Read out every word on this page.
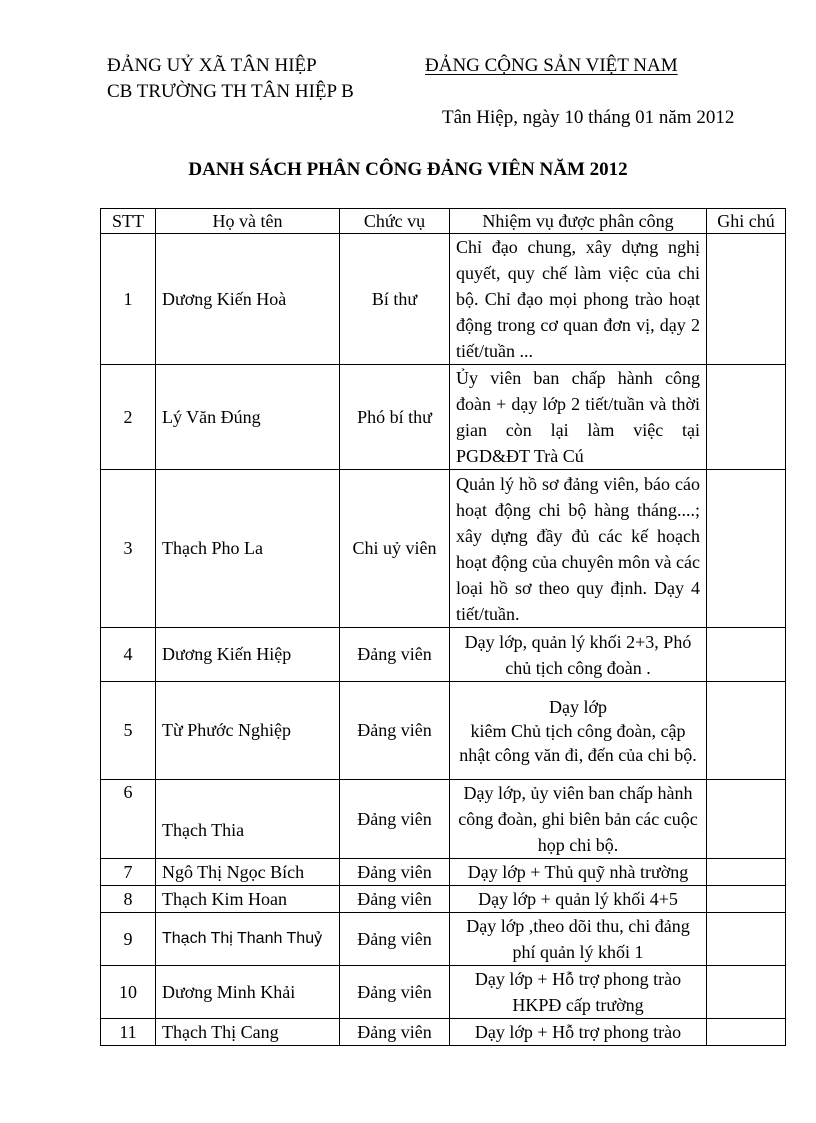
ĐẢNG UỶ XÃ TÂN HIỆP
CB TRƯỜNG TH TÂN HIỆP B
ĐẢNG CỘNG SẢN VIỆT NAM
Tân Hiệp, ngày 10 tháng 01 năm 2012
DANH SÁCH PHÂN CÔNG ĐẢNG VIÊN NĂM 2012
STT	Họ và tên	Chức vụ	Nhiệm vụ được phân công	Ghi chú
1	Dương Kiến Hoà	Bí thư	Chỉ đạo chung, xây dựng nghị quyết, quy chế làm việc của chi bộ. Chỉ đạo mọi phong trào hoạt động trong cơ quan đơn vị, dạy 2 tiết/tuần ...	
2	Lý Văn Đúng	Phó bí thư	Ủy viên ban chấp hành công đoàn + dạy lớp 2 tiết/tuần và thời gian còn lại làm việc tại PGD&ĐT Trà Cú	
3	Thạch Pho La	Chi uỷ viên	Quản lý hồ sơ đảng viên, báo cáo hoạt động chi bộ hàng tháng....; xây dựng đầy đủ các kế hoạch hoạt động của chuyên môn và các loại hồ sơ theo quy định. Dạy 4 tiết/tuần.	
4	Dương Kiến Hiệp	Đảng viên	Dạy lớp, quản lý khối 2+3, Phó chủ tịch công đoàn .	
5	Từ Phước Nghiệp	Đảng viên	Dạy lớp
kiêm Chủ tịch công đoàn, cập nhật công văn đi, đến của chi bộ.	

6	Thạch Thia	Đảng viên	Dạy lớp, ủy viên ban chấp hành công đoàn, ghi biên bản các cuộc họp chi bộ.	
7	Ngô Thị Ngọc Bích	Đảng viên	Dạy lớp + Thủ quỹ nhà trường	
8	Thạch Kim Hoan	Đảng viên	Dạy lớp + quản lý khối 4+5	
9	Thạch Thị Thanh Thuỷ	Đảng viên	Dạy lớp ,theo dõi thu, chi đảng phí quản lý khối 1	
10	Dương Minh Khải	Đảng viên	Dạy lớp + Hỗ trợ phong trào HKPĐ cấp trường	
11	Thạch Thị Cang	Đảng viên	Dạy lớp + Hỗ trợ phong trào	
